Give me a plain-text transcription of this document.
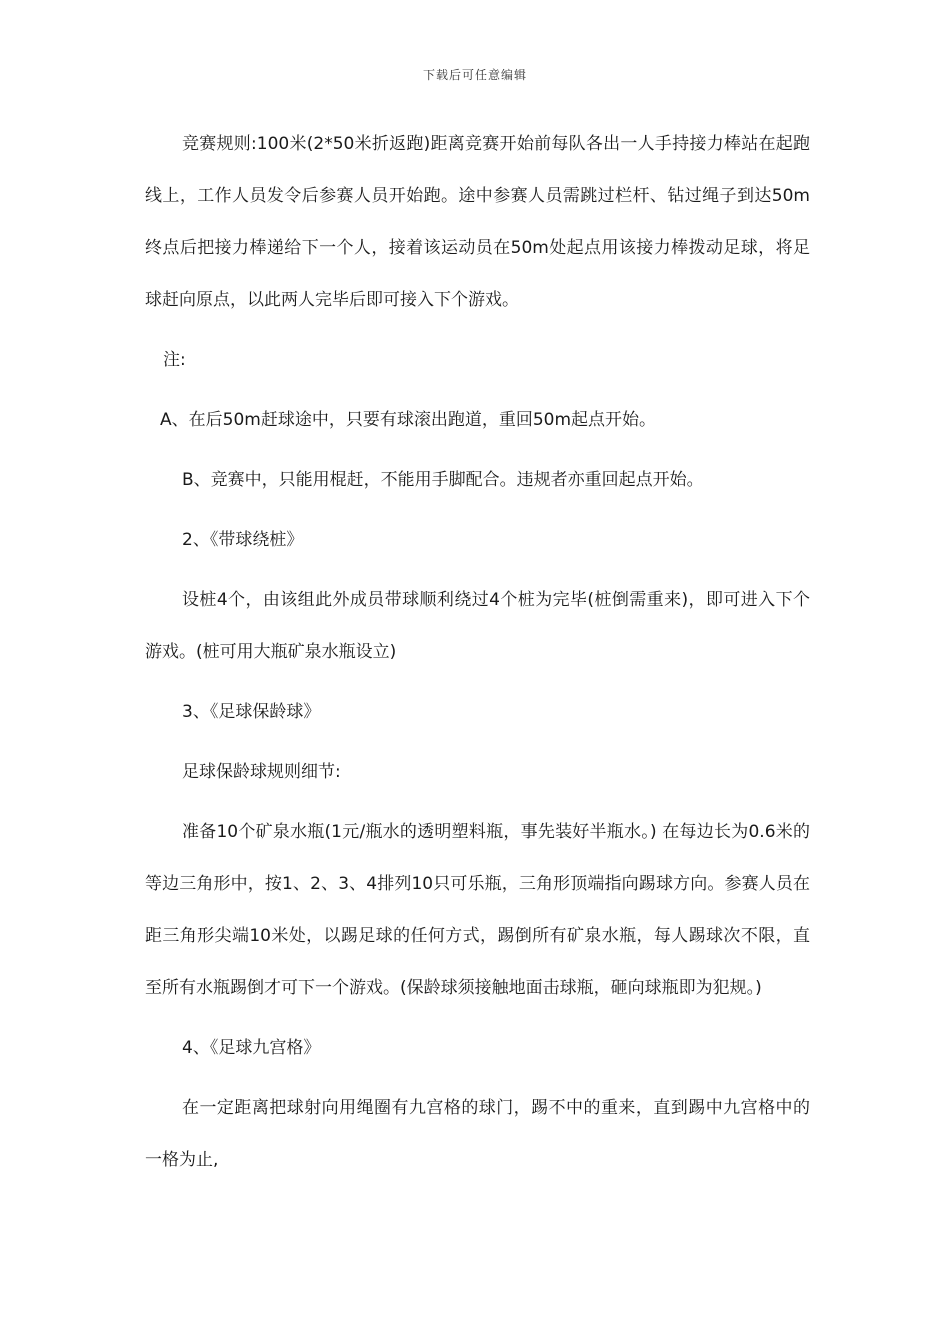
下载后可任意编辑

竞赛规则:100米(2*50米折返跑)距离竞赛开始前每队各出一人手持接力棒站在起跑线上，工作人员发令后参赛人员开始跑。途中参赛人员需跳过栏杆、钻过绳子到达50m终点后把接力棒递给下一个人，接着该运动员在50m处起点用该接力棒拨动足球，将足球赶向原点，以此两人完毕后即可接入下个游戏。

注:

A、在后50m赶球途中，只要有球滚出跑道，重回50m起点开始。

B、竞赛中，只能用棍赶，不能用手脚配合。违规者亦重回起点开始。

2、《带球绕桩》

设桩4个，由该组此外成员带球顺利绕过4个桩为完毕(桩倒需重来)，即可进入下个游戏。(桩可用大瓶矿泉水瓶设立)

3、《足球保龄球》

足球保龄球规则细节:

准备10个矿泉水瓶(1元/瓶水的透明塑料瓶，事先装好半瓶水。) 在每边长为0.6米的等边三角形中，按1、2、3、4排列10只可乐瓶，三角形顶端指向踢球方向。参赛人员在距三角形尖端10米处，以踢足球的任何方式，踢倒所有矿泉水瓶，每人踢球次不限，直至所有水瓶踢倒才可下一个游戏。(保龄球须接触地面击球瓶，砸向球瓶即为犯规。)

4、《足球九宫格》

在一定距离把球射向用绳圈有九宫格的球门，踢不中的重来，直到踢中九宫格中的一格为止,
